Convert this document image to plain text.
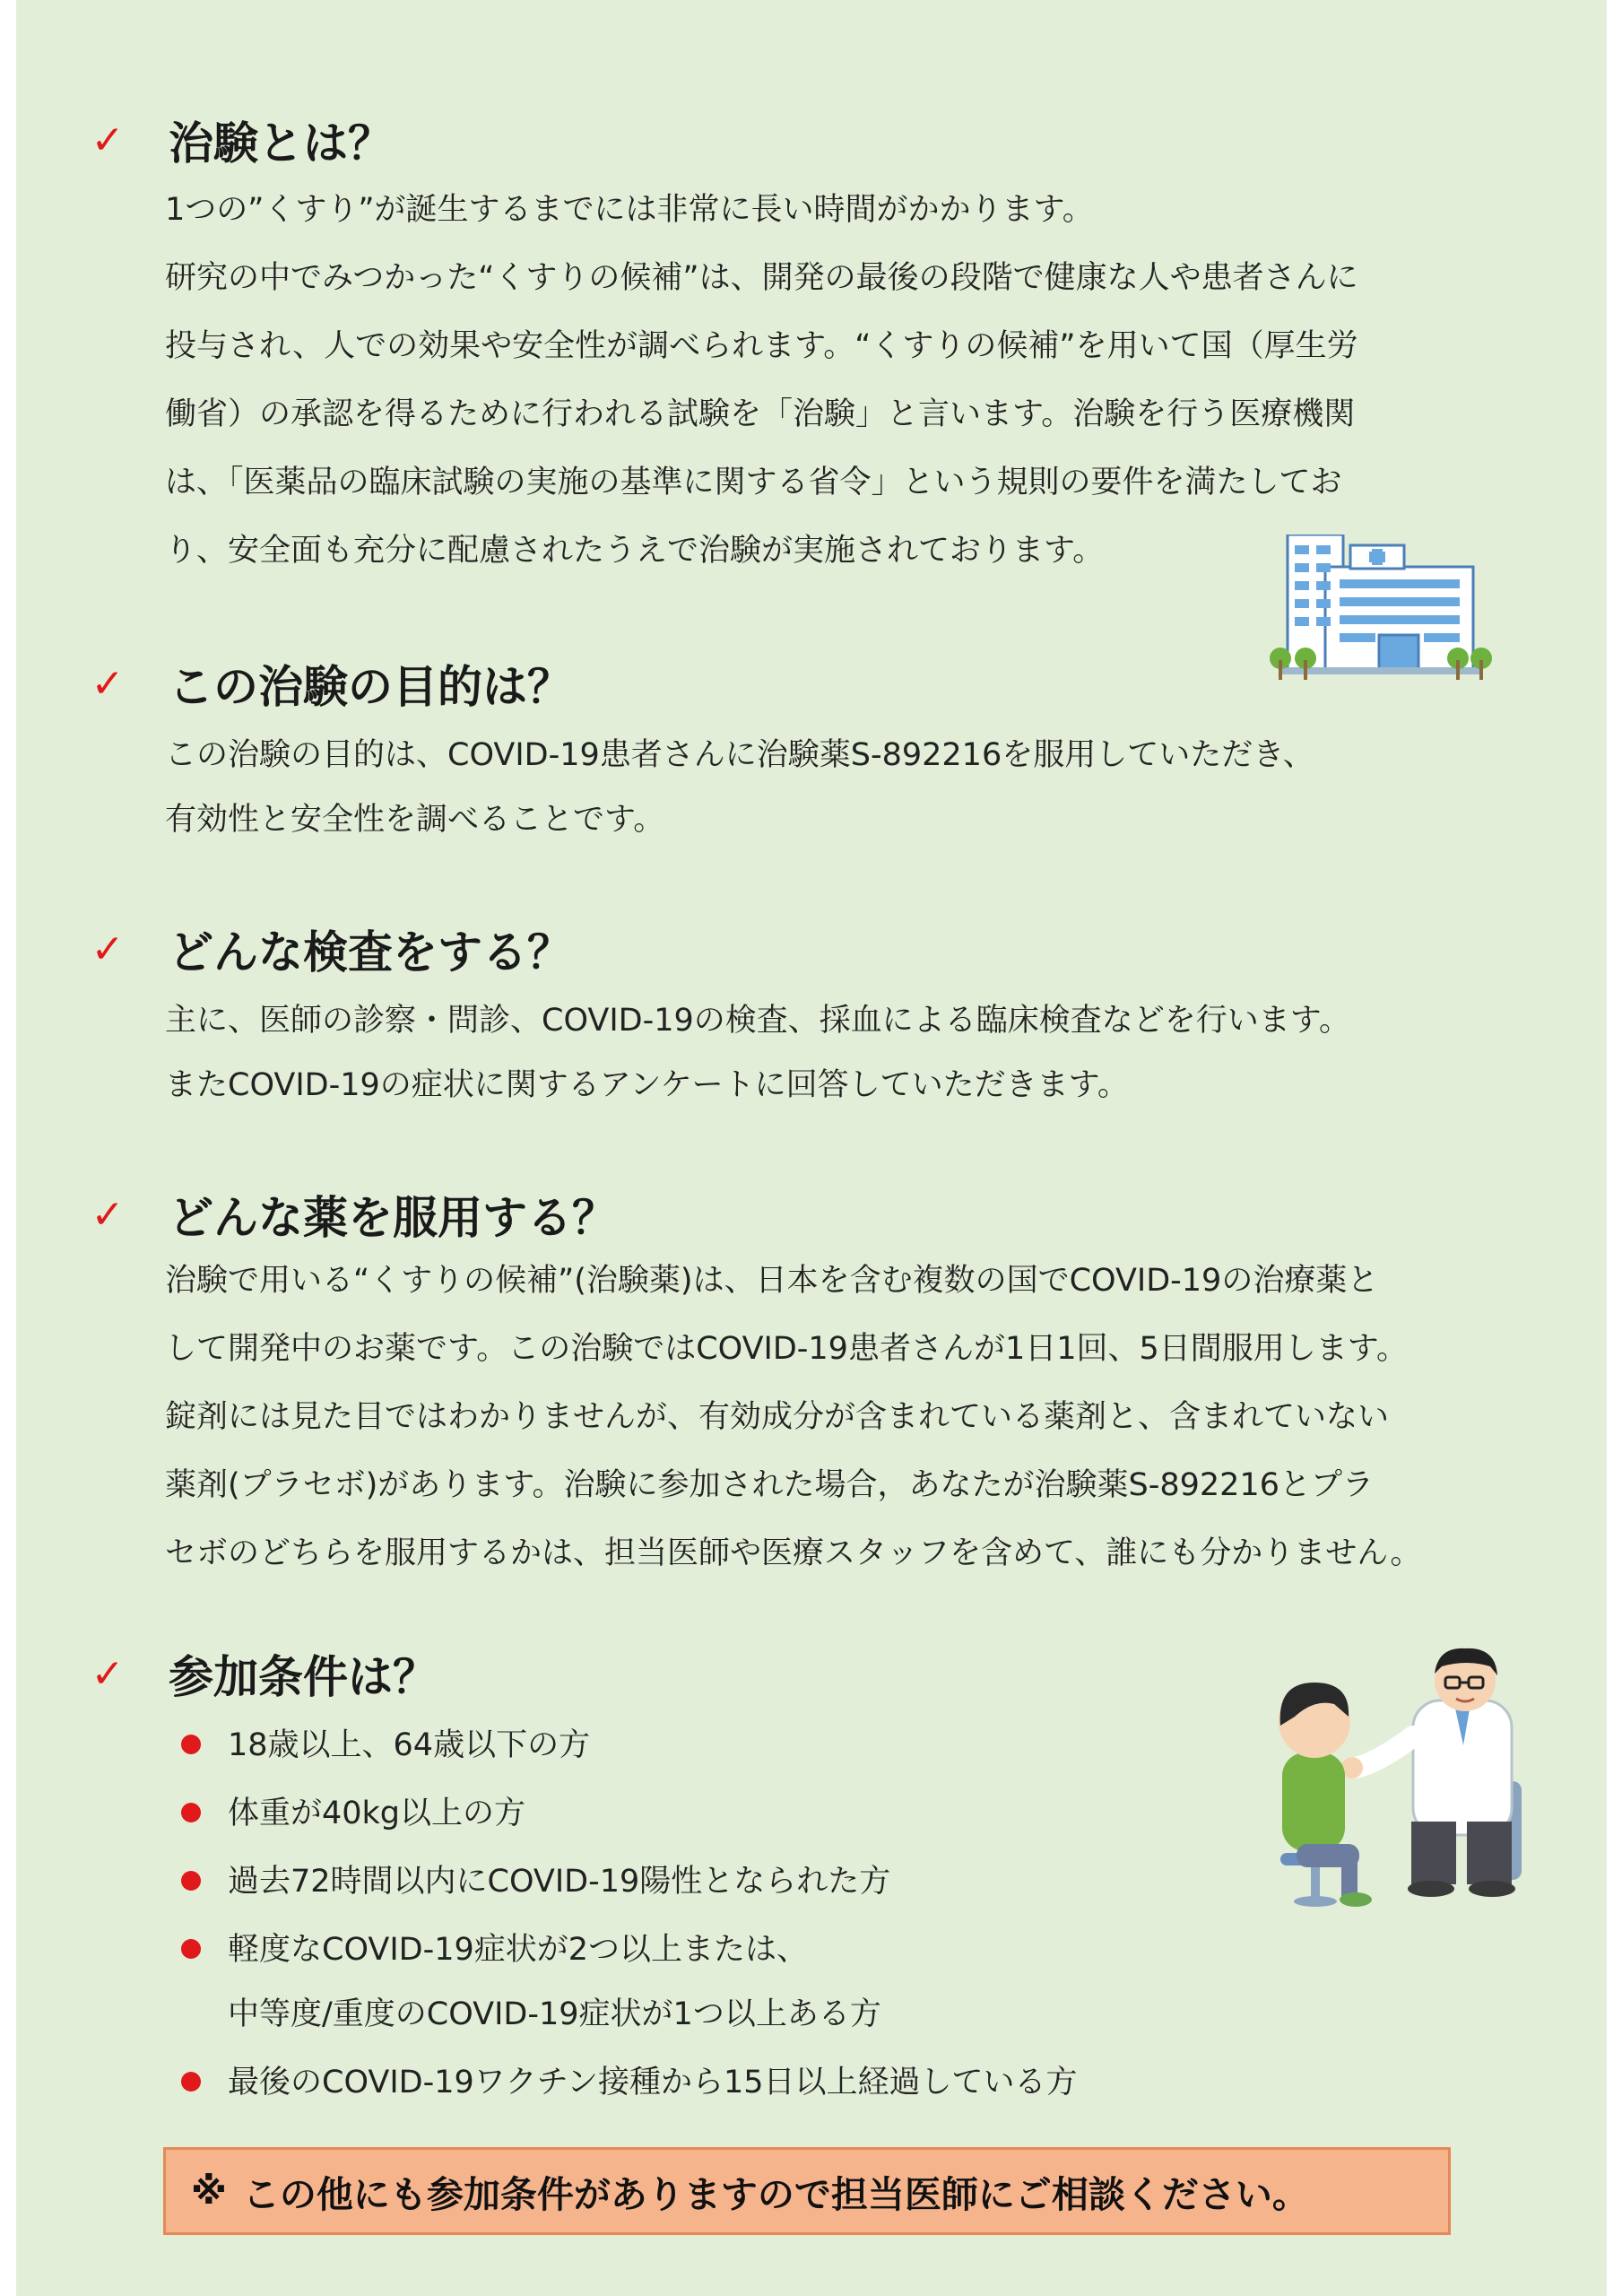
✓ 治験とは？
1つの”くすり”が誕生するまでには非常に長い時間がかかります。
研究の中でみつかった“くすりの候補”は、開発の最後の段階で健康な人や患者さんに
投与され、人での効果や安全性が調べられます。“くすりの候補”を用いて国（厚生労
働省）の承認を得るために行われる試験を「治験」と言います。治験を行う医療機関
は、「医薬品の臨床試験の実施の基準に関する省令」という規則の要件を満たしてお
り、安全面も充分に配慮されたうえで治験が実施されております。
✓ この治験の目的は？
この治験の目的は、COVID-19患者さんに治験薬S-892216を服用していただき、
有効性と安全性を調べることです。
✓ どんな検査をする？
主に、医師の診察・問診、COVID-19の検査、採血による臨床検査などを行います。
またCOVID-19の症状に関するアンケートに回答していただきます。
✓ どんな薬を服用する？
治験で用いる“くすりの候補”(治験薬)は、日本を含む複数の国でCOVID-19の治療薬と
して開発中のお薬です。この治験ではCOVID-19患者さんが1日1回、5日間服用します。
錠剤には見た目ではわかりませんが、有効成分が含まれている薬剤と、含まれていない
薬剤(プラセボ)があります。治験に参加された場合，あなたが治験薬S-892216とプラ
セボのどちらを服用するかは、担当医師や医療スタッフを含めて、誰にも分かりません。
✓ 参加条件は？
18歳以上、64歳以下の方
体重が40kg以上の方
過去72時間以内にCOVID-19陽性となられた方
軽度なCOVID-19症状が2つ以上または、
中等度/重度のCOVID-19症状が1つ以上ある方
最後のCOVID-19ワクチン接種から15日以上経過している方
※ この他にも参加条件がありますので担当医師にご相談ください。
